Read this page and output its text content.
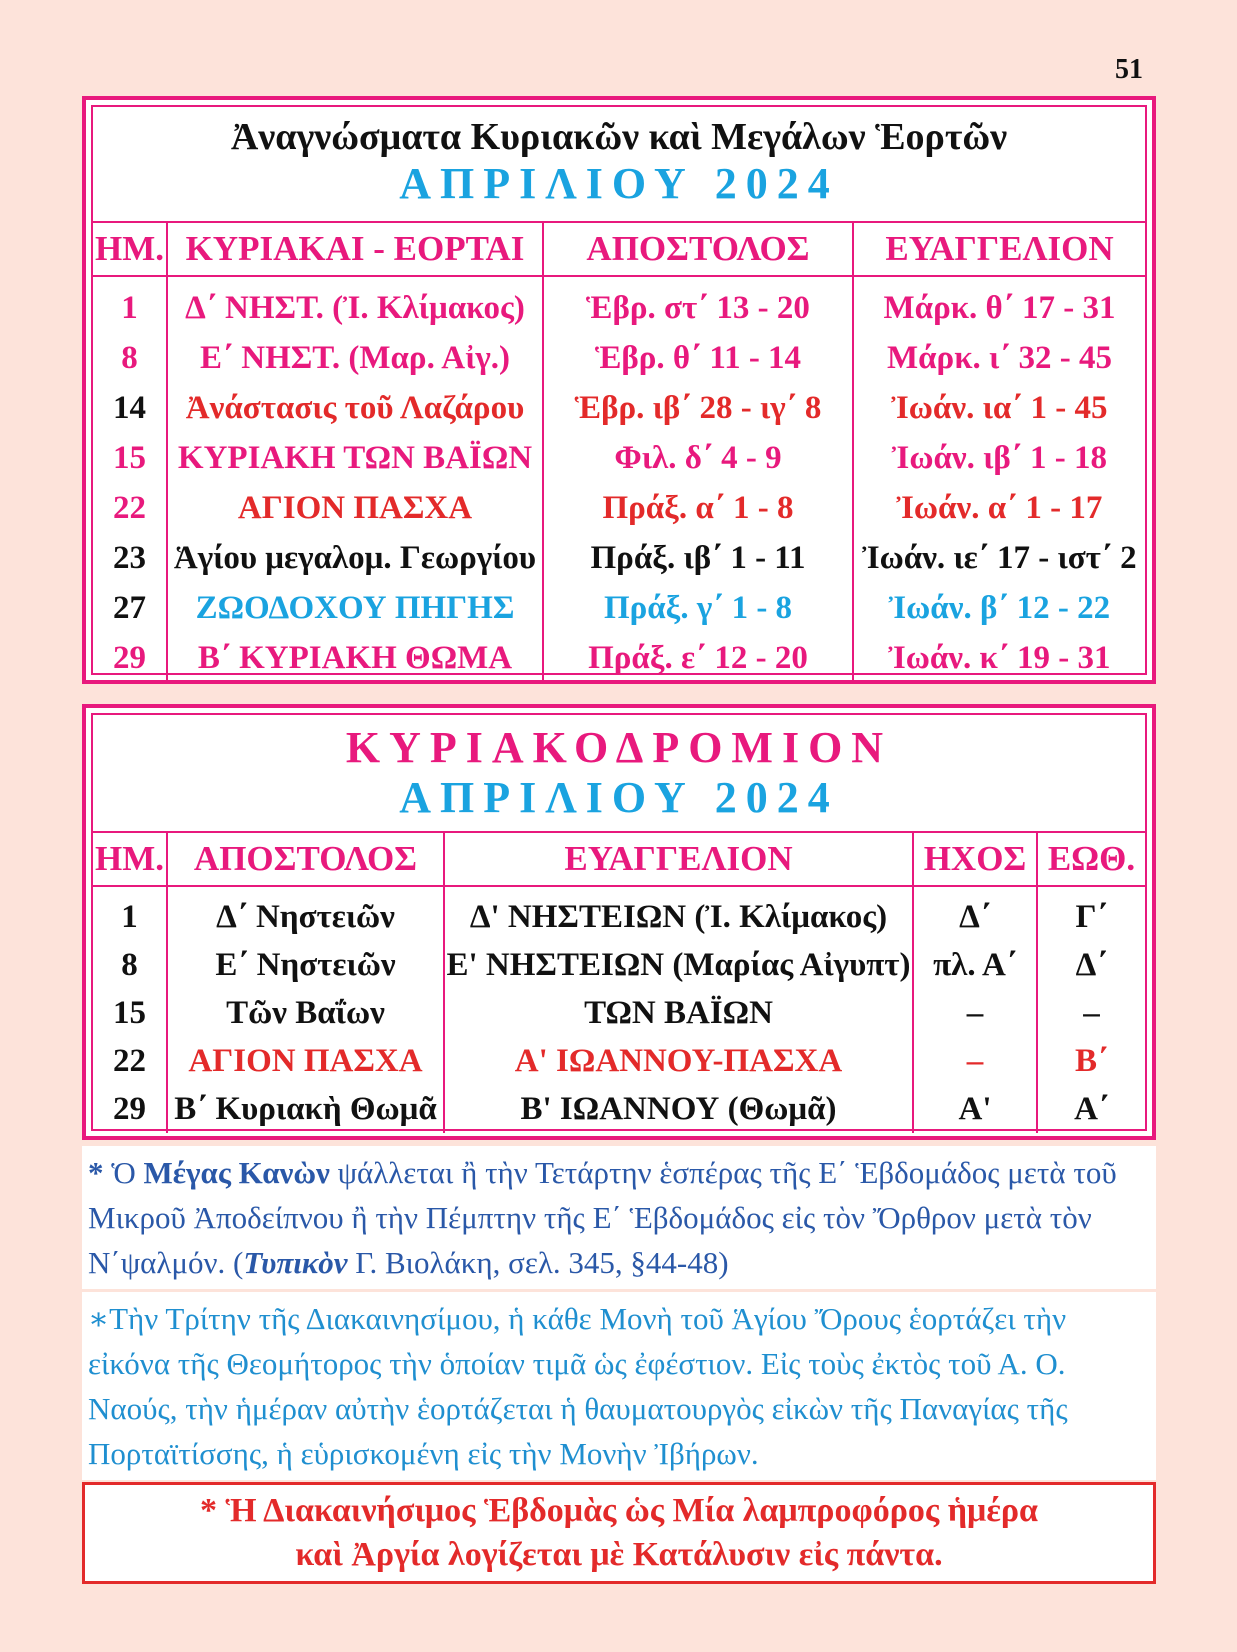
51
Ἀναγνώσματα Κυριακῶν καὶ Μεγάλων Ἑορτῶν
ΑΠΡΙΛΙΟΥ 2024
ΗΜ.	ΚΥΡΙΑΚΑΙ - ΕΟΡΤΑΙ	ΑΠΟΣΤΟΛΟΣ	ΕΥΑΓΓΕΛΙΟΝ
1	Δ΄ ΝΗΣΤ. (Ἰ. Κλίμακος)	Ἑβρ. στ΄ 13 - 20	Μάρκ. θ΄ 17 - 31
8	Ε΄ ΝΗΣΤ. (Μαρ. Αἰγ.)	Ἑβρ. θ΄ 11 - 14	Μάρκ. ι΄ 32 - 45
14	Ἀνάστασις τοῦ Λαζάρου	Ἑβρ. ιβ΄ 28 - ιγ΄ 8	Ἰωάν. ια΄ 1 - 45
15	ΚΥΡΙΑΚΗ ΤΩΝ ΒΑΪΩΝ	Φιλ. δ΄ 4 - 9	Ἰωάν. ιβ΄ 1 - 18
22	ΑΓΙΟΝ ΠΑΣΧΑ	Πράξ. α΄ 1 - 8	Ἰωάν. α΄ 1 - 17
23	Ἁγίου μεγαλομ. Γεωργίου	Πράξ. ιβ΄ 1 - 11	Ἰωάν. ιε΄ 17 - ιστ΄ 2
27	ΖΩΟΔΟΧΟΥ ΠΗΓΗΣ	Πράξ. γ΄ 1 - 8	Ἰωάν. β΄ 12 - 22
29	Β΄ ΚΥΡΙΑΚΗ ΘΩΜΑ	Πράξ. ε΄ 12 - 20	Ἰωάν. κ΄ 19 - 31
ΚΥΡΙΑΚΟΔΡΟΜΙΟΝ
ΑΠΡΙΛΙΟΥ 2024
ΗΜ.	ΑΠΟΣΤΟΛΟΣ	ΕΥΑΓΓΕΛΙΟΝ	ΗΧΟΣ	ΕΩΘ.
1	Δ΄ Νηστειῶν	Δ' ΝΗΣΤΕΙΩΝ (Ἰ. Κλίμακος)	Δ΄	Γ΄
8	Ε΄ Νηστειῶν	Ε' ΝΗΣΤΕΙΩΝ (Μαρίας Αἰγυπτ)	πλ. Α΄	Δ΄
15	Τῶν Βαΐων	ΤΩΝ ΒΑΪΩΝ	–	–
22	ΑΓΙΟΝ ΠΑΣΧΑ	Α' ΙΩΑΝΝΟΥ-ΠΑΣΧΑ	–	Β΄
29	Β΄ Κυριακὴ Θωμᾶ	Β' ΙΩΑΝΝΟΥ (Θωμᾶ)	Α'	Α΄
* Ὁ Μέγας Κανὼν ψάλλεται ἢ τὴν Τετάρτην ἑσπέρας τῆς Ε΄ Ἑβδομάδος μετὰ τοῦ Μικροῦ Ἀποδείπνου ἢ τὴν Πέμπτην τῆς Ε΄ Ἑβδομάδος εἰς τὸν Ὄρθρον μετὰ τὸν Ν΄ψαλμόν. (Τυπικὸν Γ. Βιολάκη, σελ. 345, §44-48)
∗Τὴν Τρίτην τῆς Διακαινησίμου, ἡ κάθε Μονὴ τοῦ Ἁγίου Ὄρους ἑορτάζει τὴν εἰκόνα τῆς Θεομήτορος τὴν ὁποίαν τιμᾶ ὡς ἐφέστιον. Εἰς τοὺς ἐκτὸς τοῦ Α. Ο. Ναούς, τὴν ἡμέραν αὐτὴν ἑορτάζεται ἡ θαυματουργὸς εἰκὼν τῆς Παναγίας τῆς Πορταϊτίσσης, ἡ εὑρισκομένη εἰς τὴν Μονὴν Ἰβήρων.
* Ἡ Διακαινήσιμος Ἑβδομὰς ὡς Μία λαμπροφόρος ἡμέρα
καὶ Ἀργία λογίζεται μὲ Κατάλυσιν εἰς πάντα.
